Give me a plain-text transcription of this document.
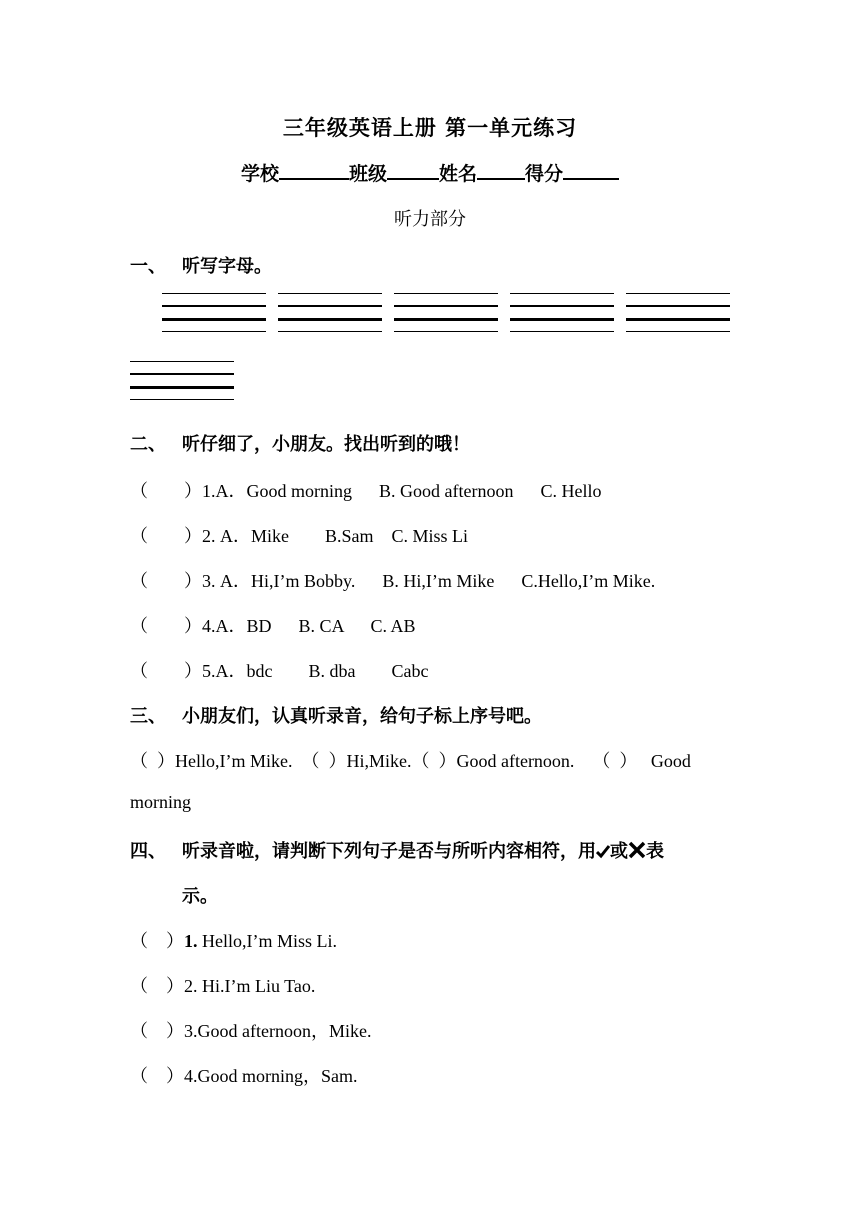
三年级英语上册 第一单元练习
学校	班级	姓名	得分
听力部分
一、 听写字母。
二、 听仔细了，小朋友。找出听到的哦！
（        ）1.A．Good morning      B. Good afternoon      C. Hello
（        ）2. A．Mike        B.Sam    C. Miss Li
（        ）3. A．Hi,I’m Bobby.      B. Hi,I’m Mike      C.Hello,I’m Mike.
（        ）4.A．BD      B. CA      C. AB
（        ）5.A．bdc        B. dba        Cabc
三、 小朋友们，认真听录音，给句子标上序号吧。
（  ）Hello,I’m Mike.  （  ）Hi,Mike.（  ）Good afternoon.    （  ）   Good
morning
四、 听录音啦，请判断下列句子是否与所听内容相符，用 或 表
示。
（    ）1. Hello,I’m Miss Li.
（    ）2. Hi.I’m Liu Tao.
（    ）3.Good afternoon，Mike.
（    ）4.Good morning，Sam.
